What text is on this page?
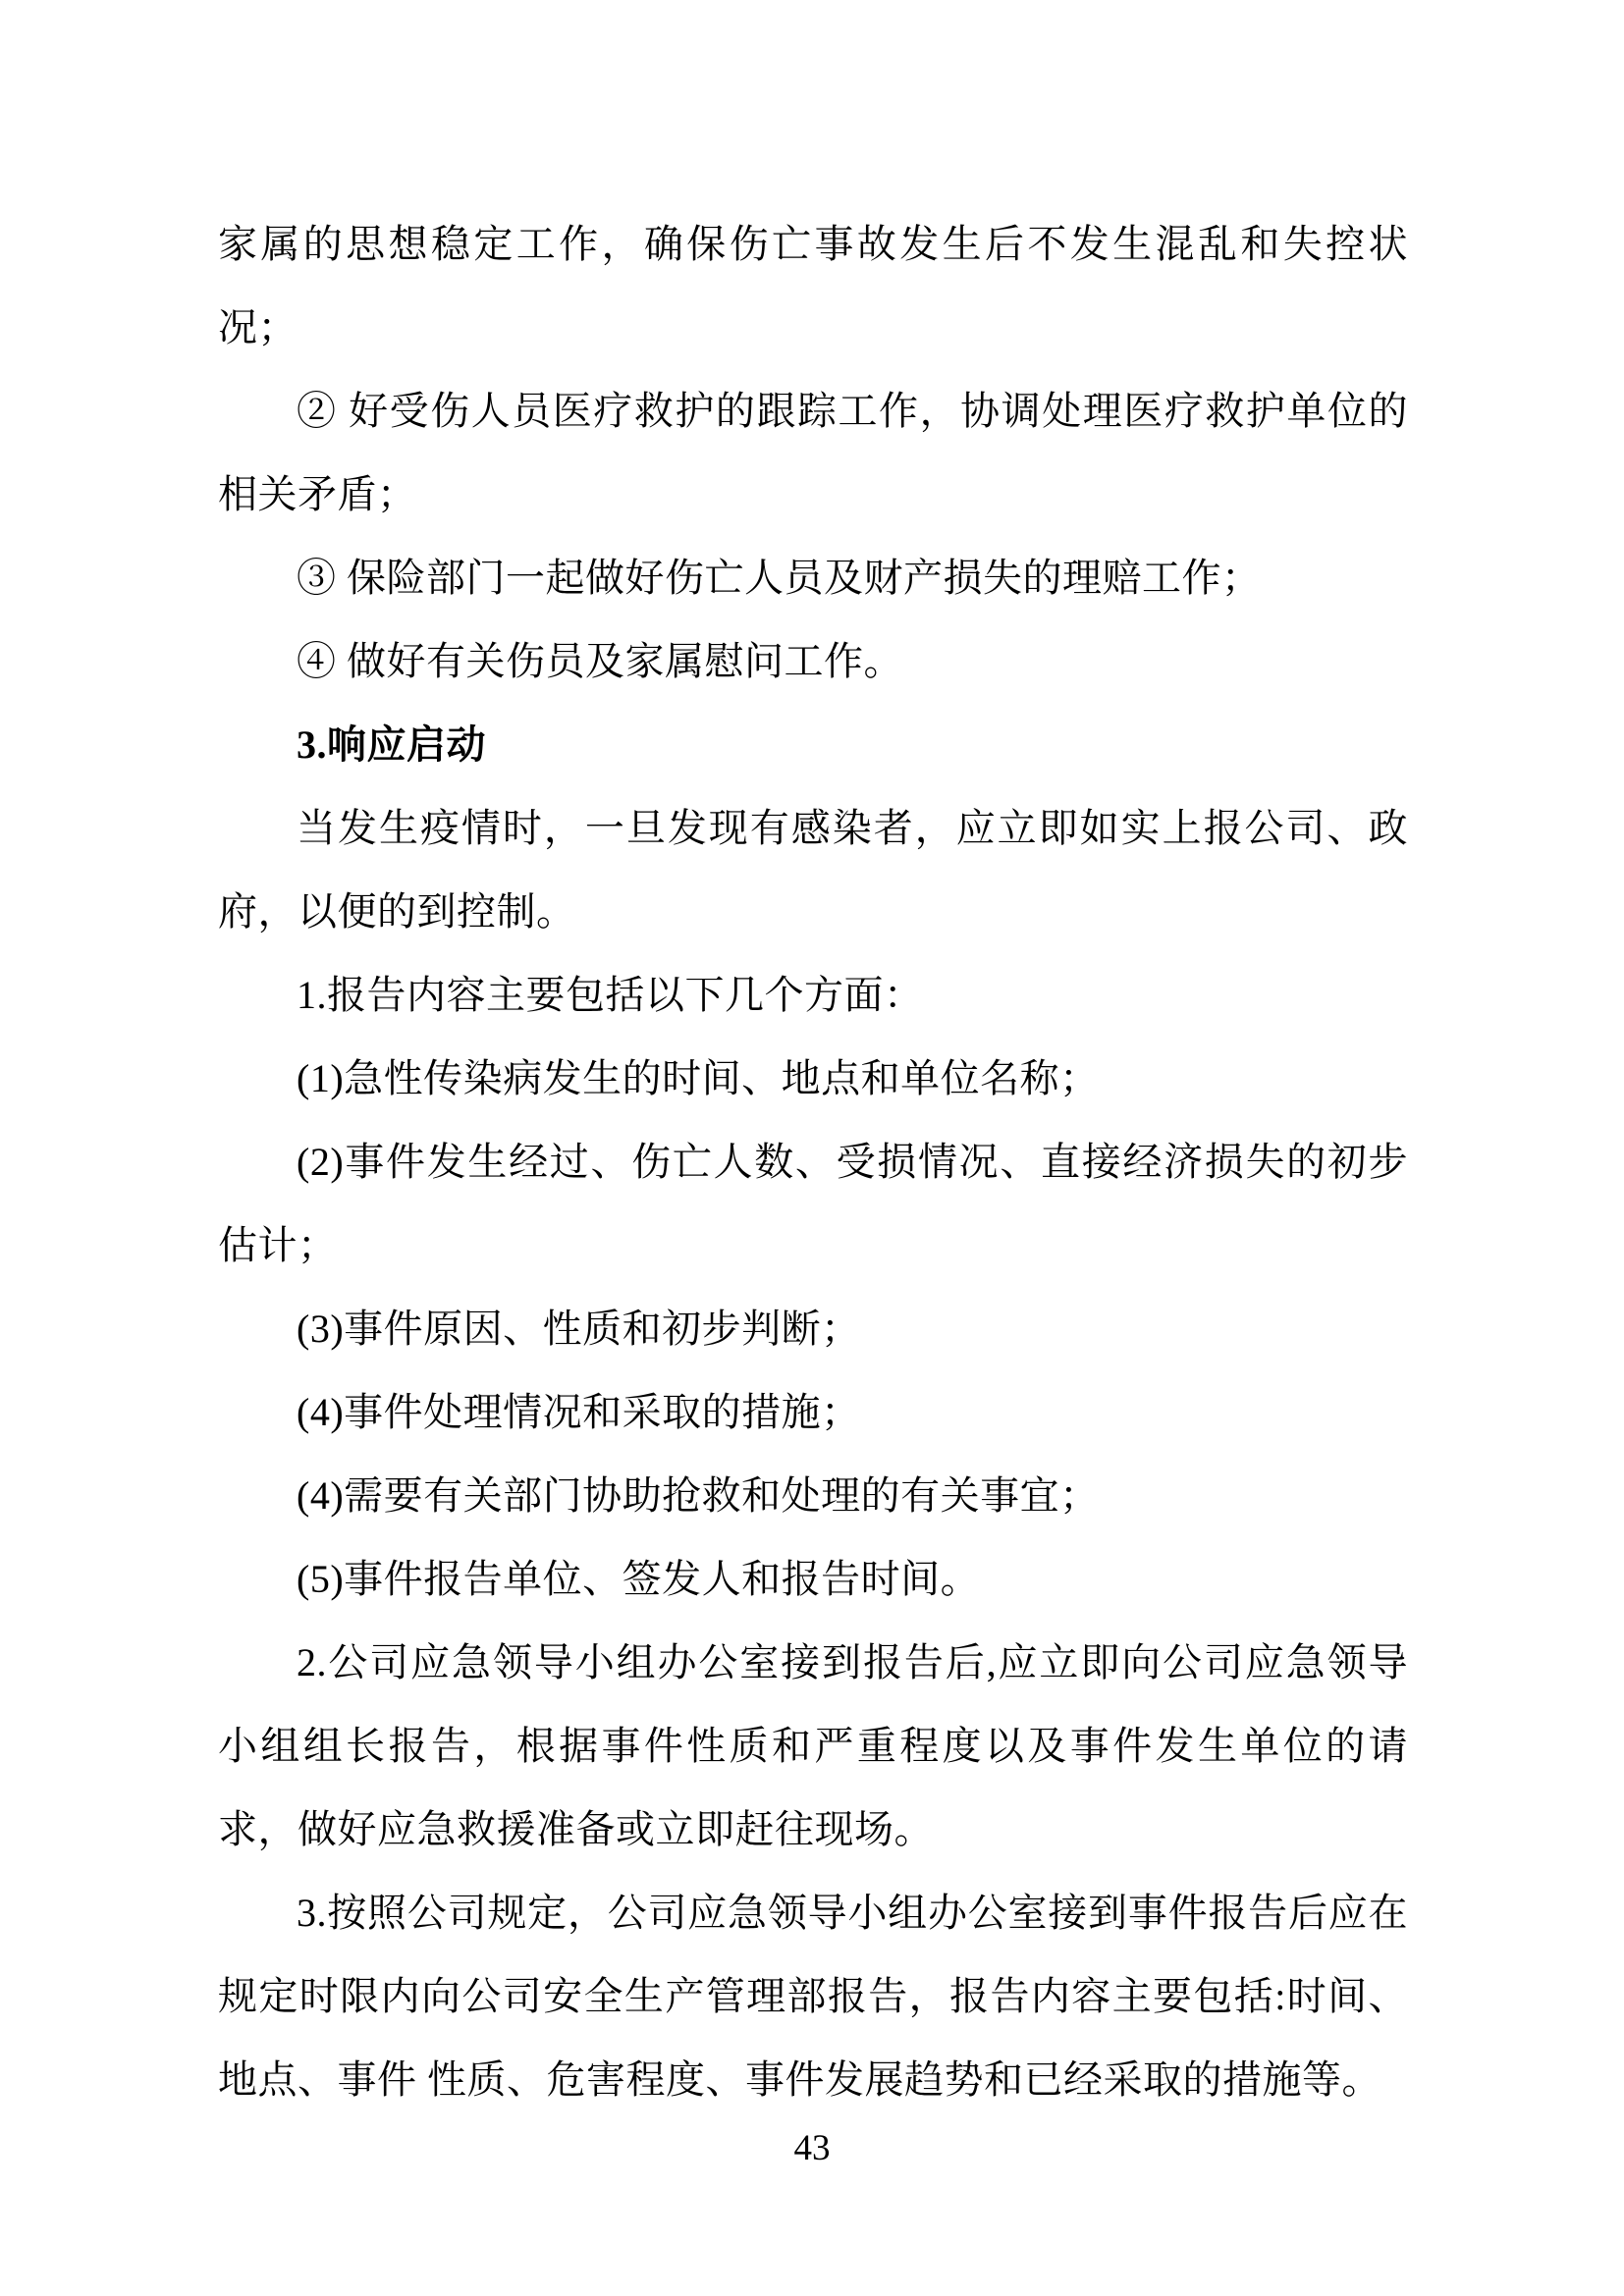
家属的思想稳定工作，确保伤亡事故发生后不发生混乱和失控状况；

② 好受伤人员医疗救护的跟踪工作，协调处理医疗救护单位的相关矛盾；

③ 保险部门一起做好伤亡人员及财产损失的理赔工作；

④ 做好有关伤员及家属慰问工作。

3.响应启动

当发生疫情时，一旦发现有感染者，应立即如实上报公司、政府，以便的到控制。

1.报告内容主要包括以下几个方面：

(1)急性传染病发生的时间、地点和单位名称；

(2)事件发生经过、伤亡人数、受损情况、直接经济损失的初步估计；

(3)事件原因、性质和初步判断；

(4)事件处理情况和采取的措施；

(4)需要有关部门协助抢救和处理的有关事宜；

(5)事件报告单位、签发人和报告时间。

2.公司应急领导小组办公室接到报告后,应立即向公司应急领导小组组长报告，根据事件性质和严重程度以及事件发生单位的请求，做好应急救援准备或立即赶往现场。

3.按照公司规定，公司应急领导小组办公室接到事件报告后应在规定时限内向公司安全生产管理部报告，报告内容主要包括:时间、地点、事件 性质、危害程度、事件发展趋势和已经采取的措施等。

43
